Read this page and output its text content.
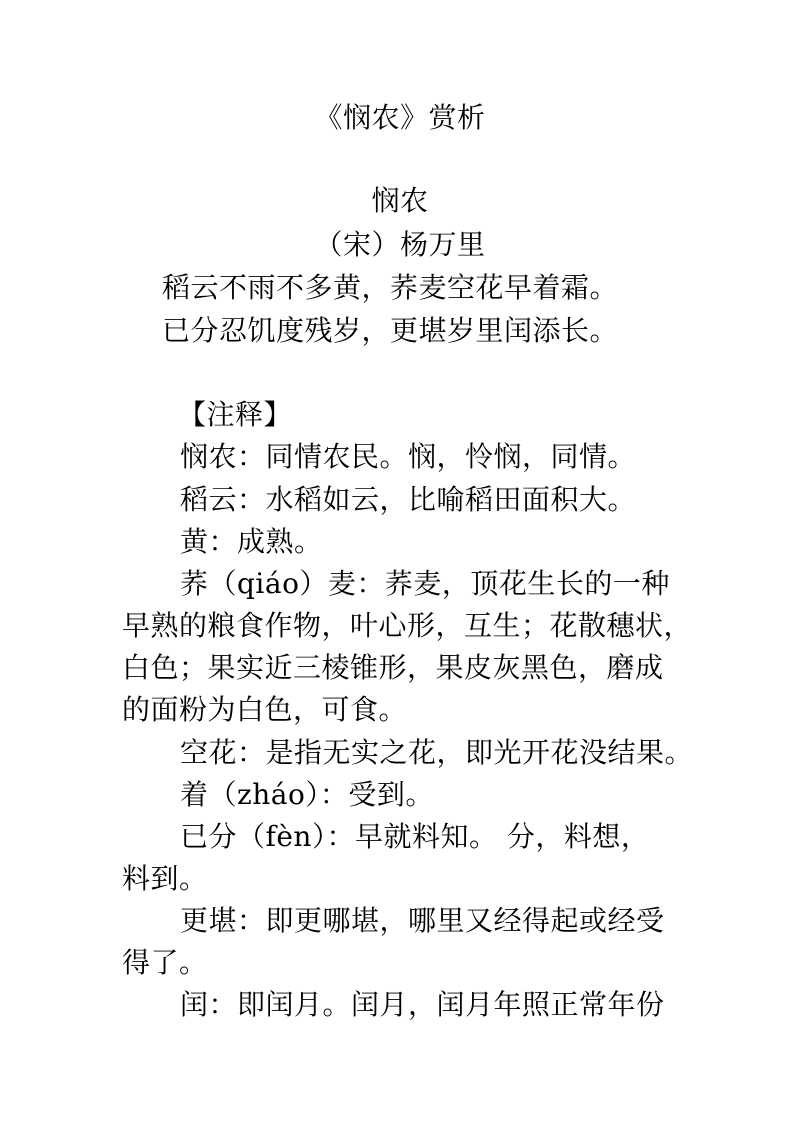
《悯农》赏析
悯农
（宋）杨万里
稻云不雨不多黄，荞麦空花早着霜。
已分忍饥度残岁，更堪岁里闰添长。
【注释】
悯农：同情农民。悯，怜悯，同情。
稻云：水稻如云，比喻稻田面积大。
黄：成熟。
荞（qiáo）麦：荞麦，顶花生长的一种
早熟的粮食作物，叶心形，互生；花散穗状，
白色；果实近三棱锥形，果皮灰黑色，磨成
的面粉为白色，可食。
空花：是指无实之花，即光开花没结果。
着（zháo）：受到。
已分（fèn）：早就料知。 分，料想，
料到。
更堪：即更哪堪，哪里又经得起或经受
得了。
闰：即闰月。闰月，闰月年照正常年份
